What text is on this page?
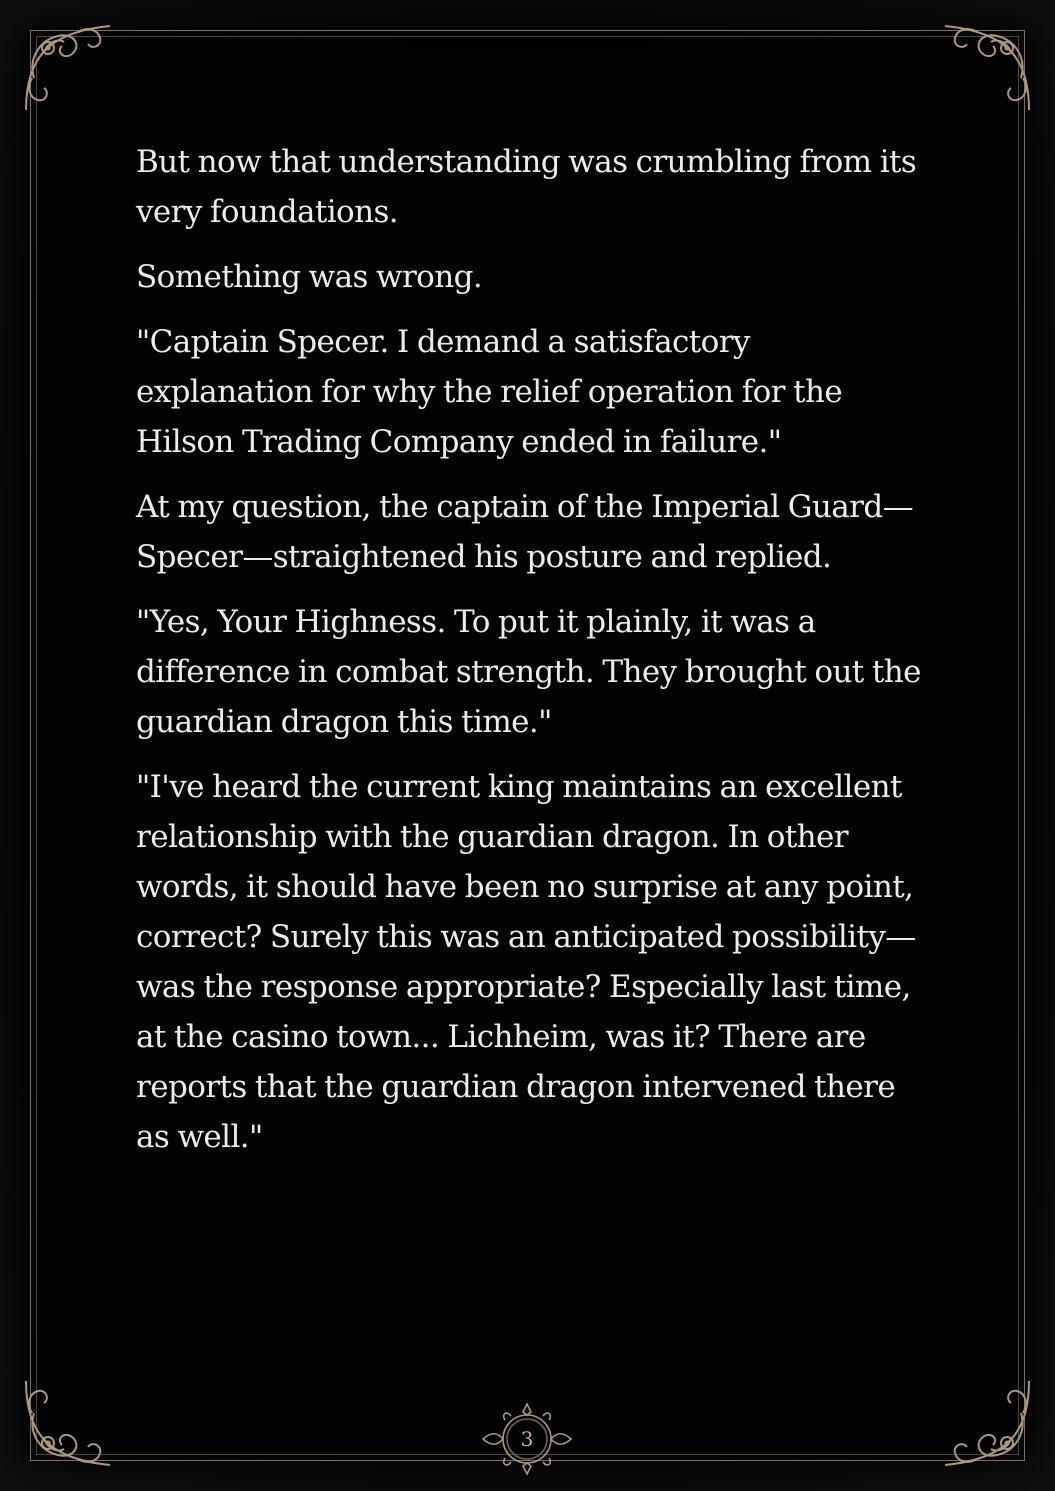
But now that understanding was crumbling from its very foundations.

Something was wrong.

"Captain Specer. I demand a satisfactory explanation for why the relief operation for the Hilson Trading Company ended in failure."

At my question, the captain of the Imperial Guard—Specer—straightened his posture and replied.

"Yes, Your Highness. To put it plainly, it was a difference in combat strength. They brought out the guardian dragon this time."

"I've heard the current king maintains an excellent relationship with the guardian dragon. In other words, it should have been no surprise at any point, correct? Surely this was an anticipated possibility—was the response appropriate? Especially last time, at the casino town... Lichheim, was it? There are reports that the guardian dragon intervened there as well."

3
